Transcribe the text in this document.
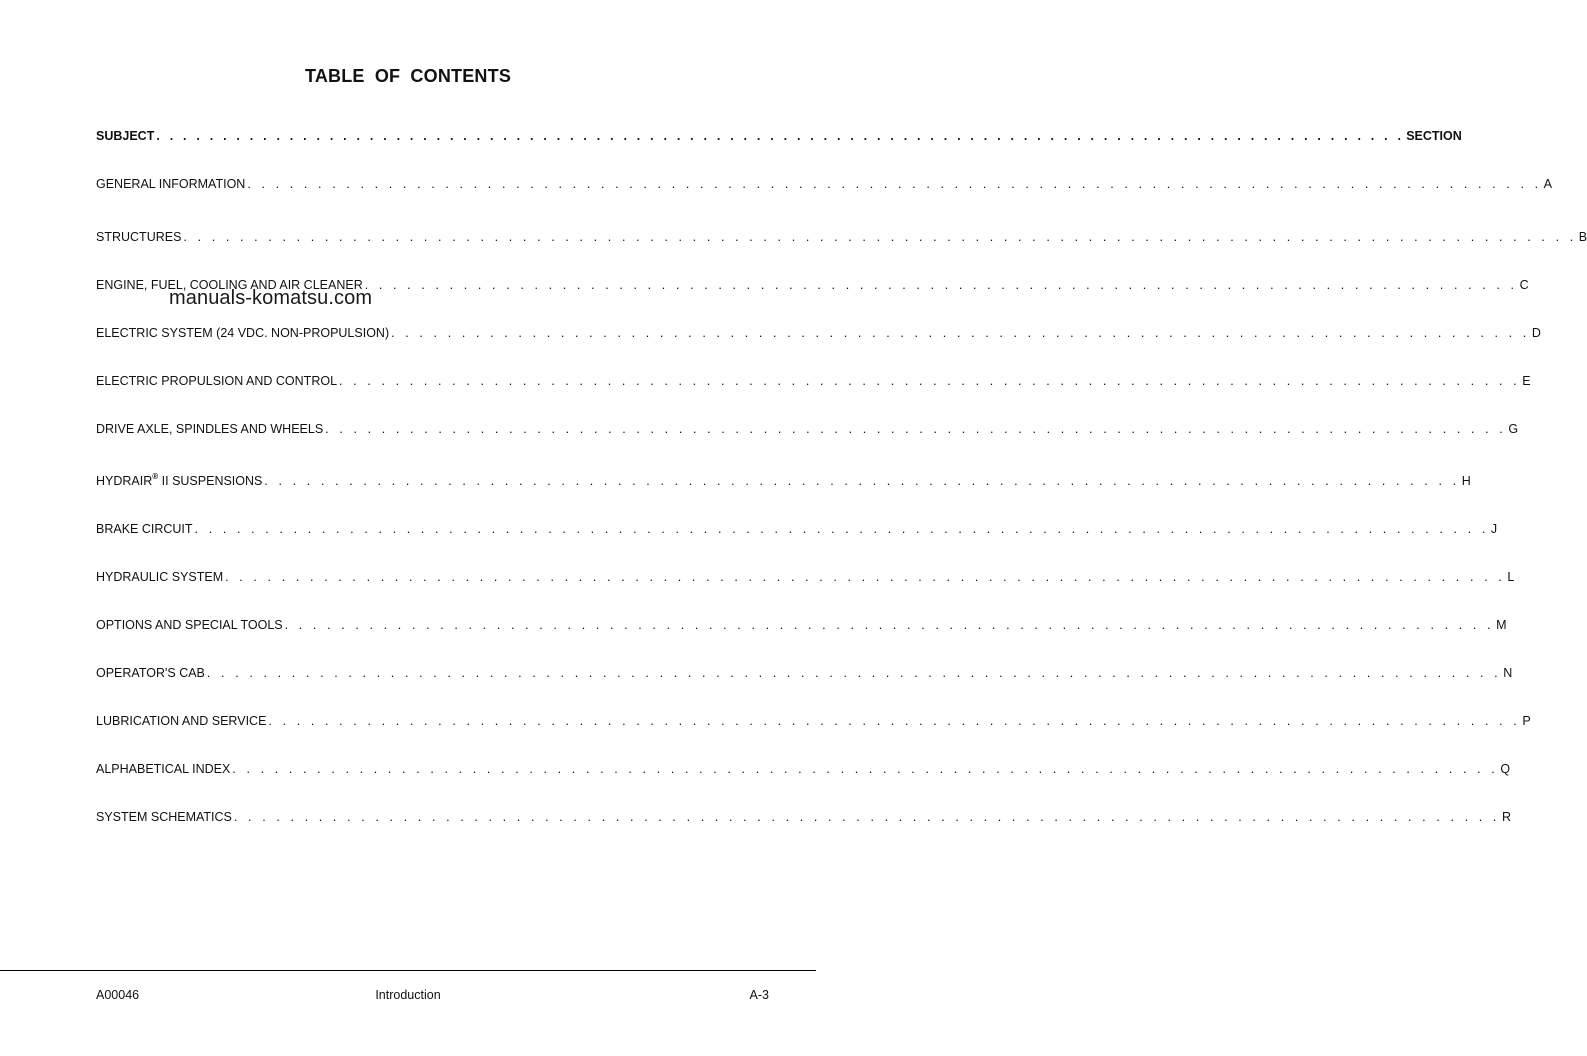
TABLE OF CONTENTS
SUBJECT . . . . . . . . . . . . . . . . . . . . . . . . . . . . . . . . . . . . . . . . . . . . . . . . . . . . . . . . . . . . . . . . . . . . . . . . . . . . . . . . . . . . . . . . . . . . . . SECTION
GENERAL INFORMATION . . . . . . . . . . . . . . . . . . . . . . . . . . . . . . . . . . . . . . . . . . . . . . . . . . . . . . . . . . . . . . . . . . . . . . . . . . . . . . . . . . . . . . . . . . . . A
STRUCTURES . . . . . . . . . . . . . . . . . . . . . . . . . . . . . . . . . . . . . . . . . . . . . . . . . . . . . . . . . . . . . . . . . . . . . . . . . . . . . . . . . . . . . . . . . . . . . . . . . . . B
ENGINE, FUEL, COOLING AND AIR CLEANER . . . . . . . . . . . . . . . . . . . . . . . . . . . . . . . . . . . . . . . . . . . . . . . . . . . . . . . . . . . . . . . . . . . . . . . . . . . . . . . . . . C
ELECTRIC SYSTEM (24 VDC. NON-PROPULSION) . . . . . . . . . . . . . . . . . . . . . . . . . . . . . . . . . . . . . . . . . . . . . . . . . . . . . . . . . . . . . . . . . . . . . . . . . . . . . . . . . D
ELECTRIC PROPULSION AND CONTROL . . . . . . . . . . . . . . . . . . . . . . . . . . . . . . . . . . . . . . . . . . . . . . . . . . . . . . . . . . . . . . . . . . . . . . . . . . . . . . . . . . . . E
DRIVE AXLE, SPINDLES AND WHEELS . . . . . . . . . . . . . . . . . . . . . . . . . . . . . . . . . . . . . . . . . . . . . . . . . . . . . . . . . . . . . . . . . . . . . . . . . . . . . . . . . . . . G
HYDRAIR® II SUSPENSIONS . . . . . . . . . . . . . . . . . . . . . . . . . . . . . . . . . . . . . . . . . . . . . . . . . . . . . . . . . . . . . . . . . . . . . . . . . . . . . . . . . . . . . H
BRAKE CIRCUIT . . . . . . . . . . . . . . . . . . . . . . . . . . . . . . . . . . . . . . . . . . . . . . . . . . . . . . . . . . . . . . . . . . . . . . . . . . . . . . . . . . . . . . . . . . . . J
HYDRAULIC SYSTEM . . . . . . . . . . . . . . . . . . . . . . . . . . . . . . . . . . . . . . . . . . . . . . . . . . . . . . . . . . . . . . . . . . . . . . . . . . . . . . . . . . . . . . . . . . . L
OPTIONS AND SPECIAL TOOLS . . . . . . . . . . . . . . . . . . . . . . . . . . . . . . . . . . . . . . . . . . . . . . . . . . . . . . . . . . . . . . . . . . . . . . . . . . . . . . . . . . . . . . M
OPERATOR'S CAB . . . . . . . . . . . . . . . . . . . . . . . . . . . . . . . . . . . . . . . . . . . . . . . . . . . . . . . . . . . . . . . . . . . . . . . . . . . . . . . . . . . . . . . . . . . . N
LUBRICATION AND SERVICE . . . . . . . . . . . . . . . . . . . . . . . . . . . . . . . . . . . . . . . . . . . . . . . . . . . . . . . . . . . . . . . . . . . . . . . . . . . . . . . . . . . . . . . . . P
ALPHABETICAL INDEX . . . . . . . . . . . . . . . . . . . . . . . . . . . . . . . . . . . . . . . . . . . . . . . . . . . . . . . . . . . . . . . . . . . . . . . . . . . . . . . . . . . . . . . . . . Q
SYSTEM SCHEMATICS . . . . . . . . . . . . . . . . . . . . . . . . . . . . . . . . . . . . . . . . . . . . . . . . . . . . . . . . . . . . . . . . . . . . . . . . . . . . . . . . . . . . . . . . . . R
manuals-komatsu.com
A00046	Introduction	A-3
